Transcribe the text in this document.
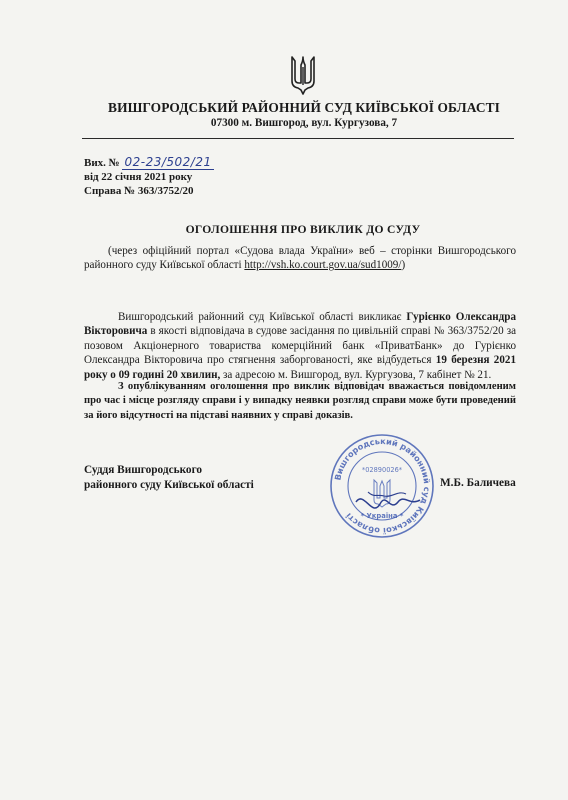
ВИШГОРОДСЬКИЙ РАЙОННИЙ СУД КИЇВСЬКОЇ ОБЛАСТІ
07300 м. Вишгород, вул. Кургузова, 7
Вих. № 02-23/502/21
від 22 січня 2021 року
Справа № 363/3752/20
ОГОЛОШЕННЯ ПРО ВИКЛИК ДО СУДУ
(через офіційний портал «Судова влада України» веб – сторінки Вишгородського районного суду Київської області http://vsh.ko.court.gov.ua/sud1009/)
Вишгородський районний суд Київської області викликає Гурієнко Олександра Вікторовича в якості відповідача в судове засідання по цивільній справі № 363/3752/20 за позовом Акціонерного товариства комерційний банк «ПриватБанк» до Гурієнко Олександра Вікторовича про стягнення заборгованості, яке відбудеться 19 березня 2021 року о 09 годині 20 хвилин, за адресою м. Вишгород, вул. Кургузова, 7 кабінет № 21.
З опублікуванням оголошення про виклик відповідач вважається повідомленим про час і місце розгляду справи і у випадку неявки розгляд справи може бути проведений за його відсутності на підставі наявних у справі доказів.
Суддя Вишгородського
районного суду Київської області	М.Б. Баличева
Вишгородський районний суд Київської області
*02890026*
* Україна *
